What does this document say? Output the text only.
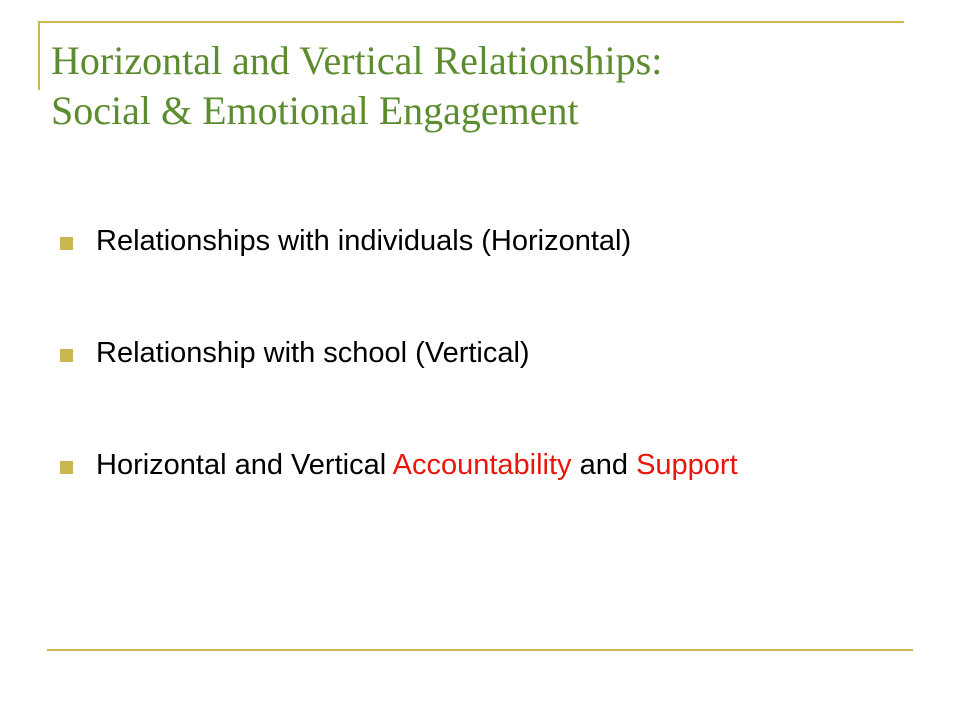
Horizontal and Vertical Relationships:
Social & Emotional Engagement
Relationships with individuals (Horizontal)
Relationship with school (Vertical)
Horizontal and Vertical Accountability and Support
